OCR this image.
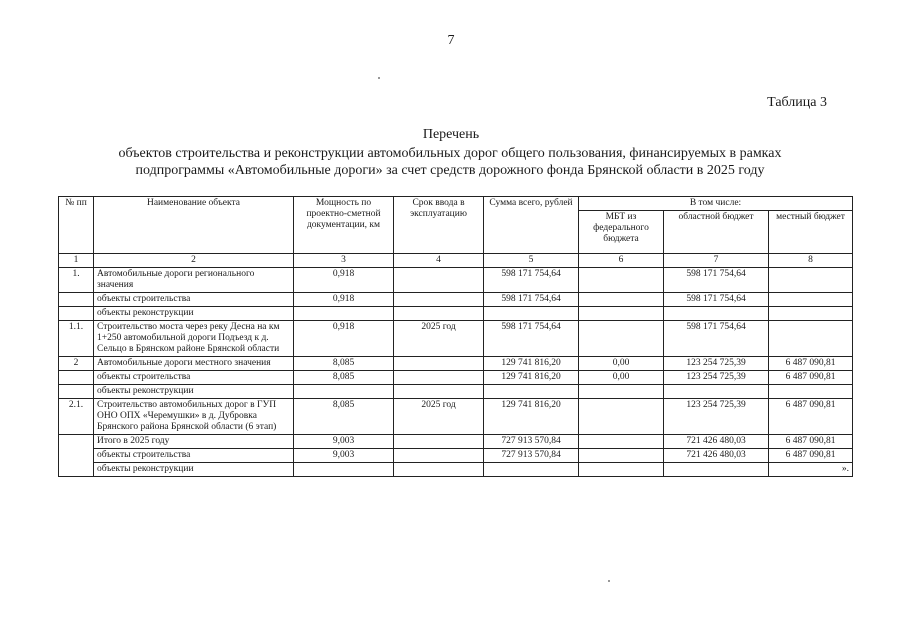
7
Таблица 3
Перечень
объектов строительства и реконструкции автомобильных дорог общего пользования, финансируемых в рамках
подпрограммы «Автомобильные дороги» за счет средств дорожного фонда Брянской области в 2025 году
№ пп	Наименование объекта	Мощность по проектно-сметной документации, км	Срок ввода в эксплуатацию	Сумма всего, рублей	В том числе:		
					МБТ из федерального бюджета	областной бюджет	местный бюджет
1	2	3	4	5	6	7	8
1.	Автомобильные дороги регионального значения	0,918		598 171 754,64		598 171 754,64	
	объекты строительства	0,918		598 171 754,64		598 171 754,64	
	объекты реконструкции						
1.1.	Строительство моста через реку Десна на км 1+250 автомобильной дороги Подъезд к д. Сельцо в Брянском районе Брянской области	0,918	2025 год	598 171 754,64		598 171 754,64	
2	Автомобильные дороги местного значения	8,085		129 741 816,20	0,00	123 254 725,39	6 487 090,81
	объекты строительства	8,085		129 741 816,20	0,00	123 254 725,39	6 487 090,81
	объекты реконструкции						
2.1.	Строительство автомобильных дорог в ГУП ОНО ОПХ «Черемушки» в д. Дубровка Брянского района Брянской области (6 этап)	8,085	2025 год	129 741 816,20		123 254 725,39	6 487 090,81
	Итого в 2025 году	9,003		727 913 570,84		721 426 480,03	6 487 090,81
	объекты строительства	9,003		727 913 570,84		721 426 480,03	6 487 090,81
	объекты реконструкции						».
